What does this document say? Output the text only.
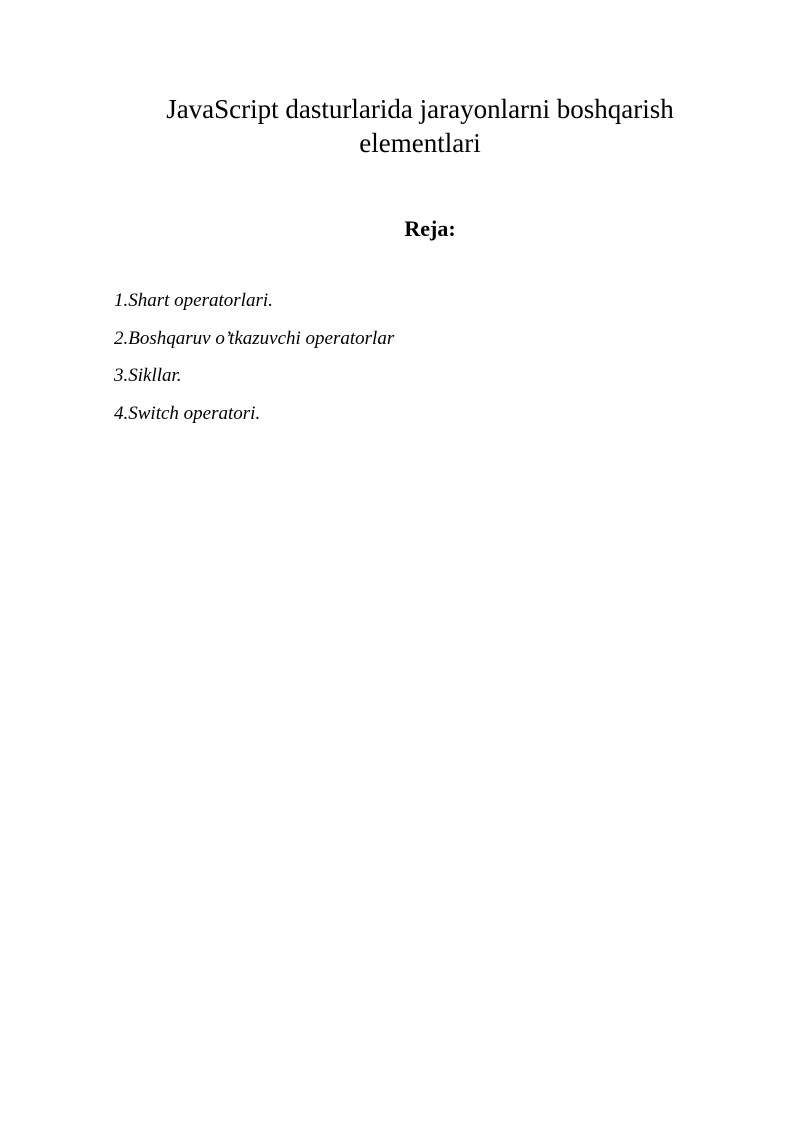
JavaScript dasturlarida jarayonlarni boshqarish
elementlari
Reja:
1.Shart operatorlari.
2.Boshqaruv o’tkazuvchi operatorlar
3.Sikllar.
4.Switch operatori.
